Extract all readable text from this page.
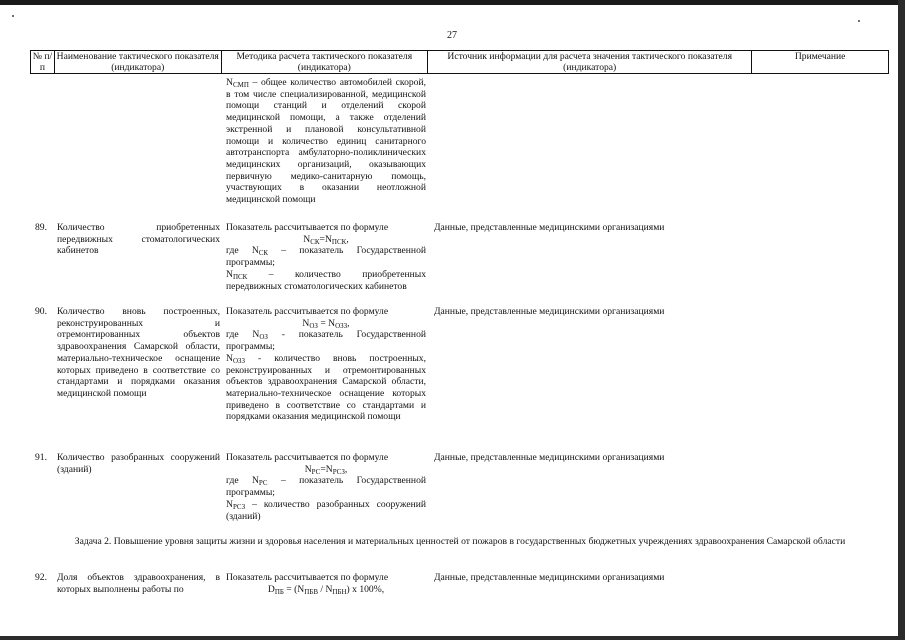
27
№ п/п
Наименование тактического показателя (индикатора)
Методика расчета тактического показателя (индикатора)
Источник информации для расчета значения тактического показателя (индикатора)
Примечание
$N_{СМП}$ – общее количество автомобилей скорой, в том числе специализированной, медицинской помощи станций и отделений скорой медицинской помощи, а также отделений экстренной и плановой консультативной помощи и количество единиц санитарного автотранспорта амбулаторно-поликлинических медицинских организаций, оказывающих первичную медико-санитарную помощь, участвующих в оказании неотложной медицинской помощи
89. Количество приобретенных передвижных стоматологических кабинетов
Показатель рассчитывается по формуле
$N_{СК}=N_{ПСК}$,
где $N_{СК}$ – показатель Государственной программы;
$N_{ПСК}$ – количество приобретенных передвижных стоматологических кабинетов
Данные, представленные медицинскими организациями
90. Количество вновь построенных, реконструированных и отремонтированных объектов здравоохранения Самарской области, материально-техническое оснащение которых приведено в соответствие со стандартами и порядками оказания медицинской помощи
Показатель рассчитывается по формуле
$N_{ОЗ} = N_{ОЗЗ}$,
где $N_{ОЗ}$ - показатель Государственной программы;
$N_{ОЗЗ}$ - количество вновь построенных, реконструированных и отремонтированных объектов здравоохранения Самарской области, материально-техническое оснащение которых приведено в соответствие со стандартами и порядками оказания медицинской помощи
Данные, представленные медицинскими организациями
91. Количество разобранных сооружений (зданий)
Показатель рассчитывается по формуле
$N_{РС}=N_{РСЗ}$,
где $N_{РС}$ – показатель Государственной программы;
$N_{РСЗ}$ – количество разобранных сооружений (зданий)
Данные, представленные медицинскими организациями
Задача 2. Повышение уровня защиты жизни и здоровья населения и материальных ценностей от пожаров в государственных бюджетных учреждениях здравоохранения Самарской области
92. Доля объектов здравоохранения, в которых выполнены работы по
Показатель рассчитывается по формуле
$D_{ПБ} = (N_{ПБВ} / N_{ПБН})$ х 100%,
Данные, представленные медицинскими организациями
